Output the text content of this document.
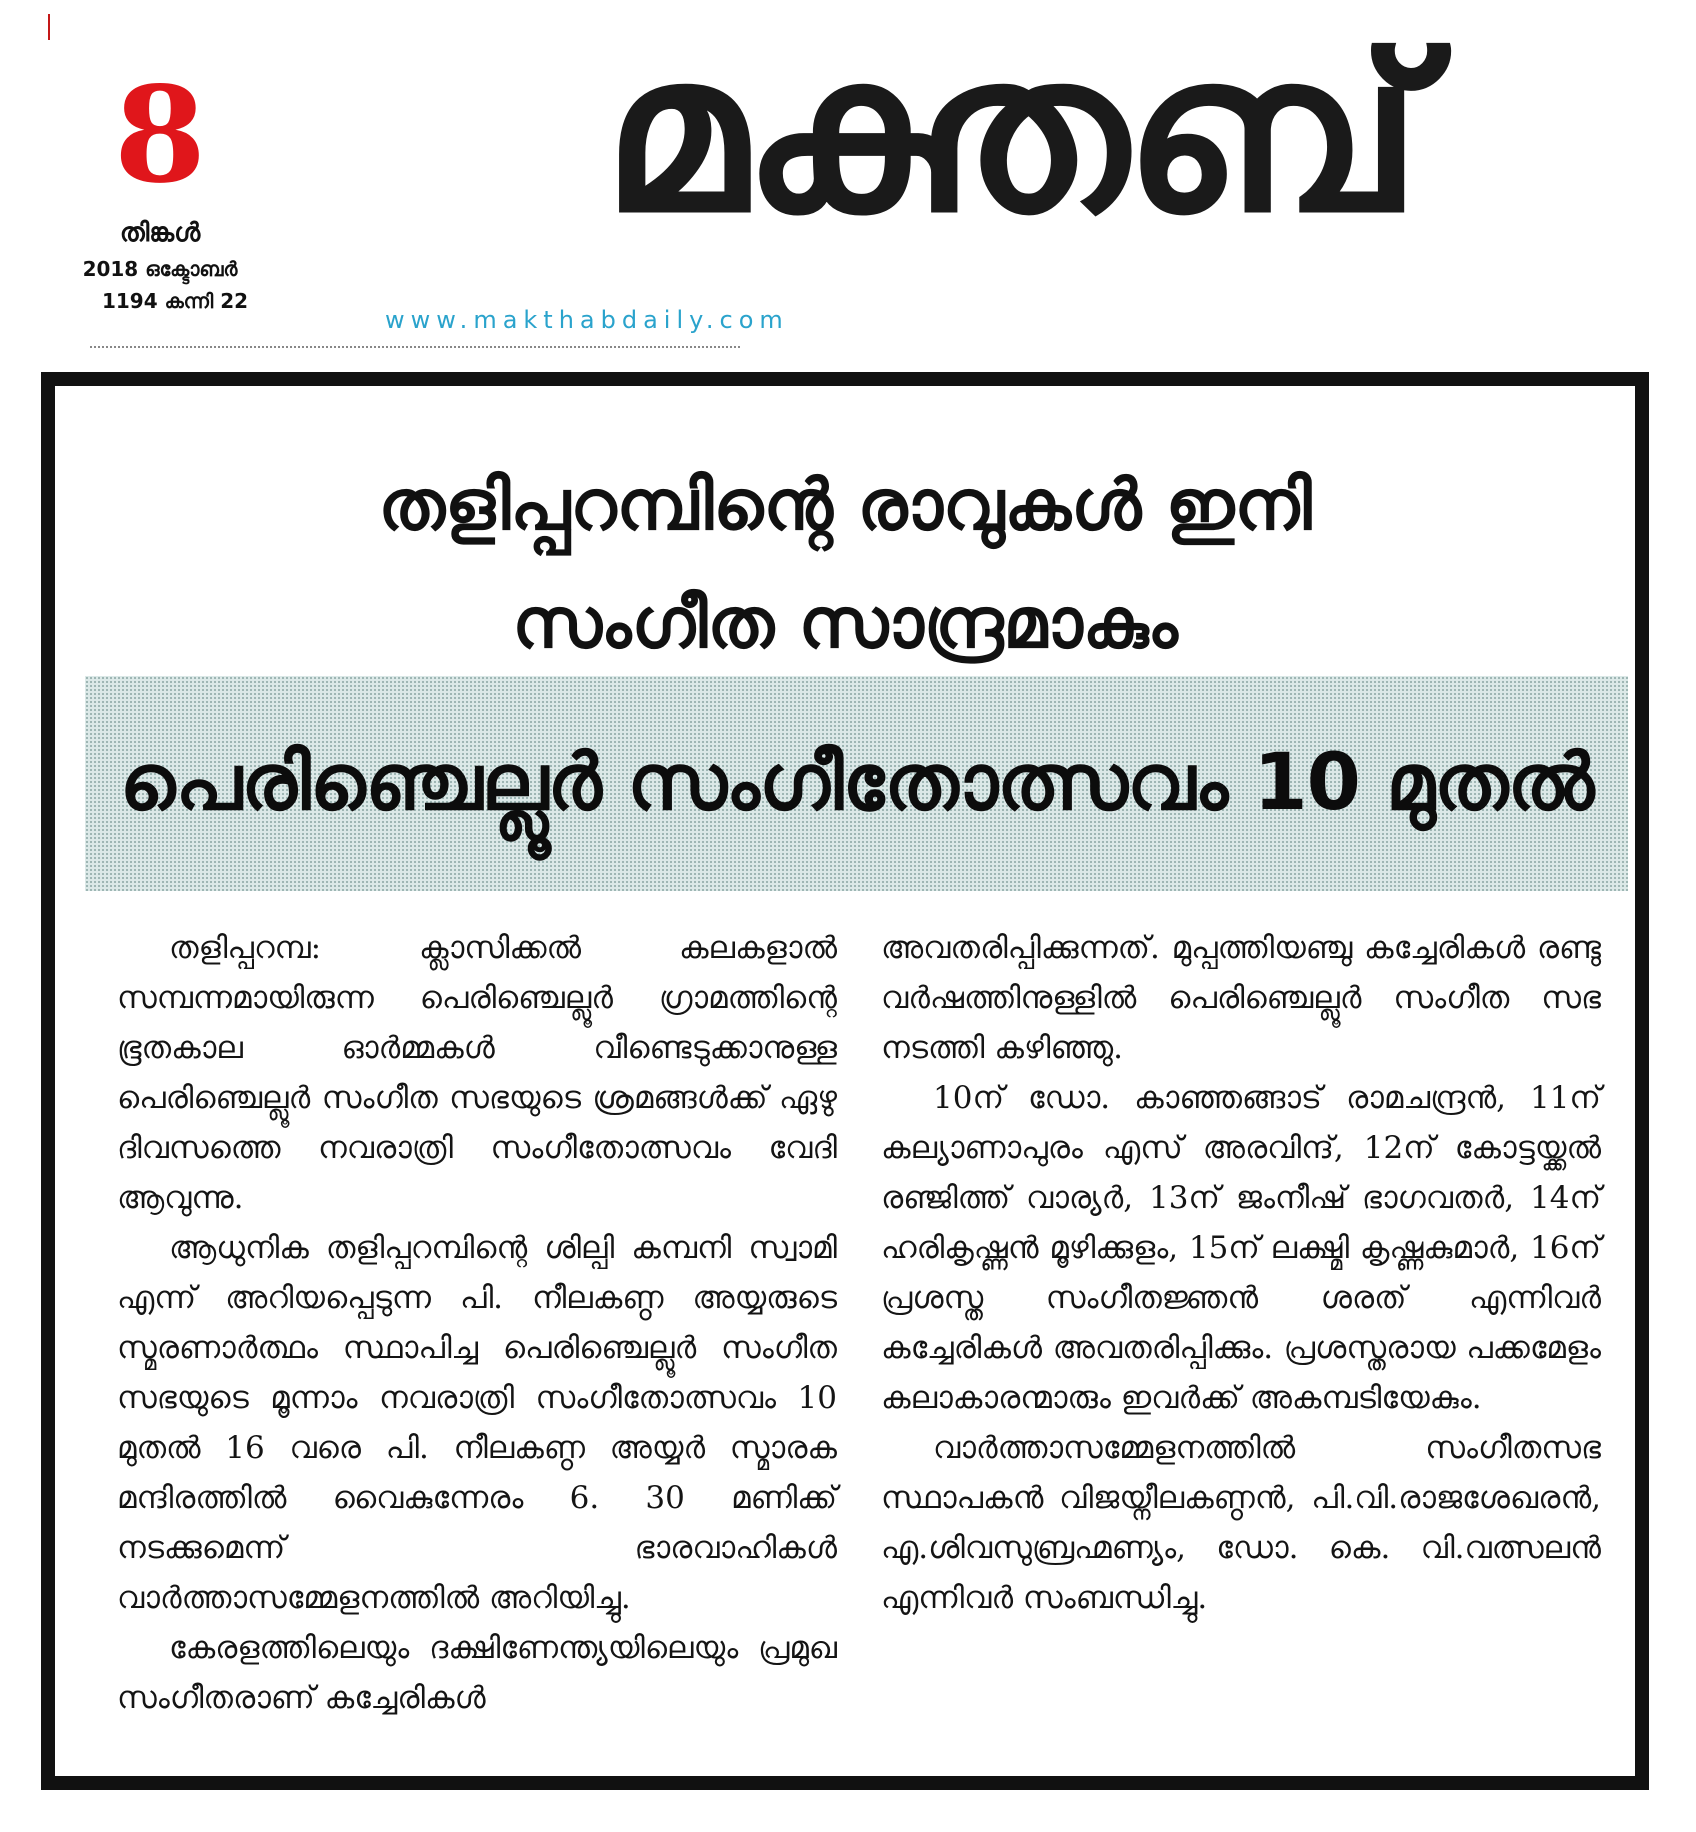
8
തിങ്കൾ
2018 ഒക്ടോബർ
1194 കന്നി 22
മക്തബ്
www.makthabdaily.com
തളിപ്പറമ്പിന്റെ രാവുകൾ ഇനി
സംഗീത സാന്ദ്രമാകും
പെരിഞ്ചെല്ലൂർ സംഗീതോത്സവം 10 മുതൽ

തളിപ്പറമ്പ: ക്ലാസിക്കൽ കലകളാൽ സമ്പന്നമായിരുന്ന പെരിഞ്ചെല്ലൂർ ഗ്രാമത്തിന്റെ ഭൂതകാല ഓർമ്മകൾ വീണ്ടെടുക്കാനുള്ള പെരിഞ്ചെല്ലൂർ സംഗീത സഭയുടെ ശ്രമങ്ങൾക്ക് ഏഴു ദിവസത്തെ നവരാത്രി സംഗീതോത്സവം വേദി ആവുന്നു.

ആധുനിക തളിപ്പറമ്പിന്റെ ശില്പി കമ്പനി സ്വാമി എന്ന് അറിയപ്പെടുന്ന പി. നീലകണ്ഠ അയ്യരുടെ സ്മരണാർത്ഥം സ്ഥാപിച്ച പെരിഞ്ചെല്ലൂർ സംഗീത സഭയുടെ മൂന്നാം നവരാത്രി സംഗീതോത്സവം 10 മുതൽ 16 വരെ പി. നീലകണ്ഠ അയ്യർ സ്മാരക മന്ദിരത്തിൽ വൈകുന്നേരം 6. 30 മണിക്ക് നടക്കുമെന്ന് ഭാരവാഹികൾ വാർത്താസമ്മേളനത്തിൽ അറിയിച്ചു.

കേരളത്തിലെയും ദക്ഷിണേന്ത്യയിലെയും പ്രമുഖ സംഗീതരാണ് കച്ചേരികൾ

അവതരിപ്പിക്കുന്നത്. മുപ്പത്തിയഞ്ചു കച്ചേരികൾ രണ്ടു വർഷത്തിനുള്ളിൽ പെരിഞ്ചെല്ലൂർ സംഗീത സഭ നടത്തി കഴിഞ്ഞു.

10ന് ഡോ. കാഞ്ഞങ്ങാട് രാമചന്ദ്രൻ, 11ന് കല്യാണാപുരം എസ് അരവിന്ദ്, 12ന് കോട്ടയ്ക്കൽ രഞ്ജിത്ത് വാര്യർ, 13ന് ജംനീഷ് ഭാഗവതർ, 14ന് ഹരികൃഷ്ണൻ മൂഴിക്കുളം, 15ന് ലക്ഷ്മി കൃഷ്ണകുമാർ, 16ന് പ്രശസ്ത സംഗീതജ്ഞൻ ശരത് എന്നിവർ കച്ചേരികൾ അവതരിപ്പിക്കും. പ്രശസ്തരായ പക്കമേളം കലാകാരന്മാരും ഇവർക്ക് അകമ്പടിയേകും.

വാർത്താസമ്മേളനത്തിൽ സംഗീതസഭ സ്ഥാപകൻ വിജയ്നീലകണ്ഠൻ, പി.വി.രാജശേഖരൻ, എ.ശിവസുബ്രഹ്മണ്യം, ഡോ. കെ. വി.വത്സലൻ എന്നിവർ സംബന്ധിച്ചു.
